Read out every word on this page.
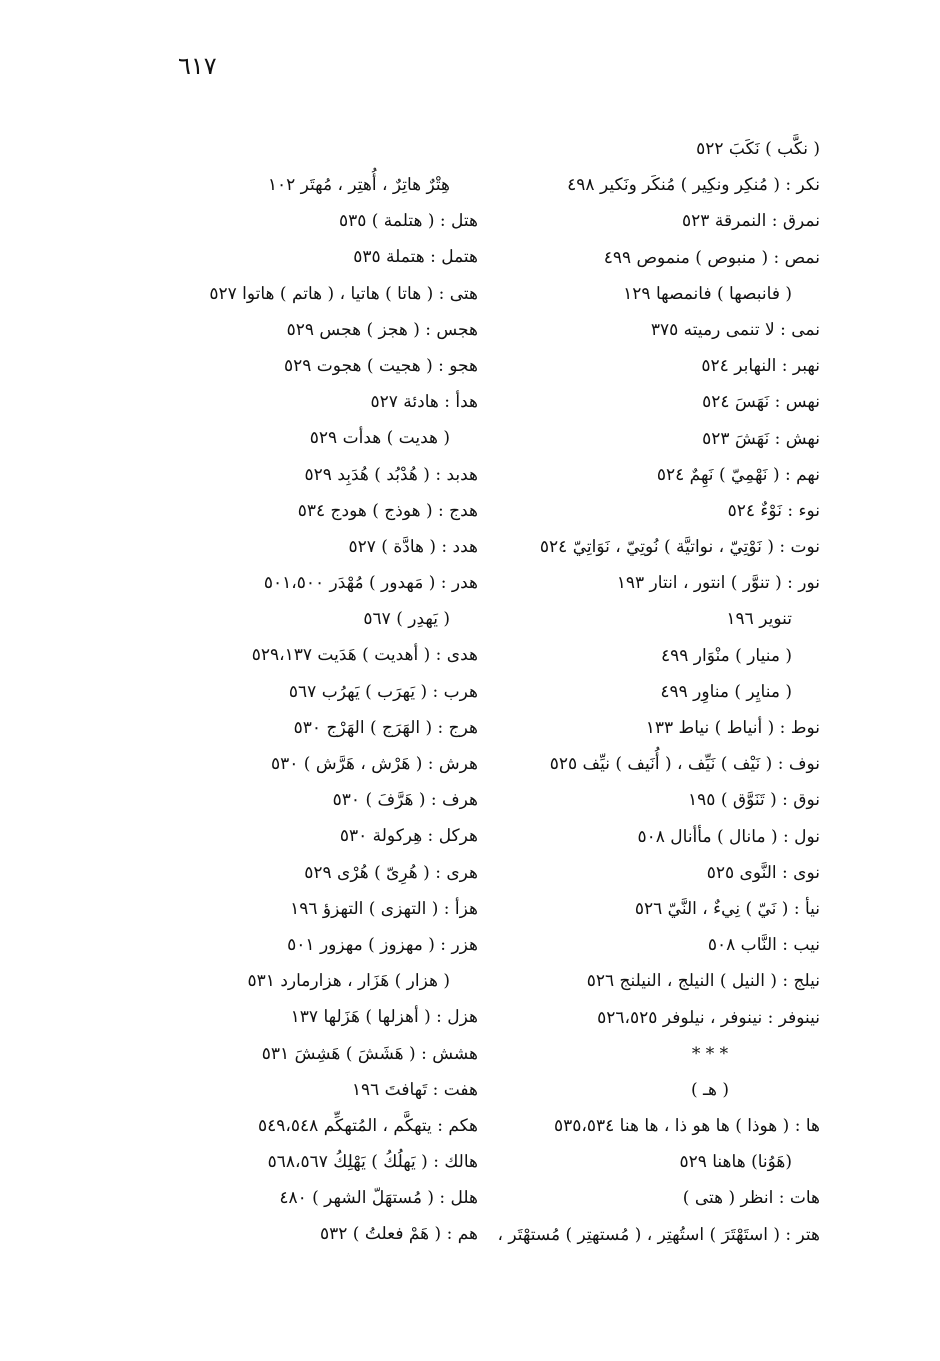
٦١٧
( نكَّب ) نَكَبَ ٥٢٢
نكر : ( مُنكِر ونكِير ) مُنكَر ونَكير ٤٩٨
نمرق : النمرقة ٥٢٣
نمص : ( منبوص ) منموص ٤٩٩
( فانبصها ) فانمصها ١٢٩
نمى : لا تنمى رميته ٣٧٥
نهبر : النهابر ٥٢٤
نهس : نَهَسَ ٥٢٤
نهش : نَهَشَ ٥٢٣
نهم : ( نَهْمِيّ ) نَهِمٌ ٥٢٤
نوء : نَوْءٌ ٥٢٤
نوت : ( نَوْتِيّ ، نواتيَّة ) نُوتِيّ ، نَوَاتِيّ ٥٢٤
نور : ( تنوَّر ) انتور ، انتار ١٩٣
تنوير ١٩٦
( منيار ) منْوَار ٤٩٩
( منايِر ) مناوِر ٤٩٩
نوط : ( أنياط ) نياط ١٣٣
نوف : ( نَيْف ) نَيِّف ، ( أُنَيف ) نيِّف ٥٢٥
نوق : ( تَنَوَّق ) ١٩٥
نول : ( مانال ) مأأنال ٥٠٨
نوى : النَّوى ٥٢٥
نيأ : ( نَيّ ) نِيءٌ ، النَّيّ ٥٢٦
نيب : النَّاب ٥٠٨
نيلج : ( النيل ) النيلج ، النيلنج ٥٢٦
نينوفر : نينوفر ، نيلوفر ٥٢٦،٥٢٥
* * *
( هـ )
ها : ( هوذا ) ها هو ذا ، ها هنا ٥٣٥،٥٣٤
(هَوُنا) هاهنا ٥٢٩
هات : انظر ( هتى )
هتر : ( استَهْتَرَ ) استُهتِر ، ( مُستهتِر ) مُستهْتَر ،
هِتْرٌ هاتِرٌ ، أُهتِر ، مُهتَر ١٠٢
هتل : ( هتلمة ) ٥٣٥
هتمل : هتملة ٥٣٥
هتى : ( هاتا ) هاتيا ، ( هاتم ) هاتوا ٥٢٧
هجس : ( هجز ) هجس ٥٢٩
هجو : ( هجيت ) هجوت ٥٢٩
هدأ : هادئة ٥٢٧
( هديت ) هدأت ٥٢٩
هدبد : ( هُدْبُد ) هُدَبِد ٥٢٩
هدج : ( هوذج ) هودج ٥٣٤
هدد : ( هادَّة ) ٥٢٧
هدر : ( مَهدور ) مُهْدَر ٥٠١،٥٠٠
( يَهدِر ) ٥٦٧
هدى : ( أهديت ) هَدَيت ٥٢٩،١٣٧
هرب : ( يَهرَب ) يَهرُب ٥٦٧
هرج : ( الهَرَج ) الهَرْج ٥٣٠
هرش : ( هَرْش ، هَرَّش ) ٥٣٠
هرف : ( هَرَّفَ ) ٥٣٠
هركل : هِركولة ٥٣٠
هرى : ( هُرِىّ ) هُرْى ٥٢٩
هزأ : ( التهزى ) التهزؤ ١٩٦
هزر : ( مهزوز ) مهزور ٥٠١
( هزار ) هَزَار ، هزارمارد ٥٣١
هزل : ( أهزلها ) هَزَلها ١٣٧
هشش : ( هَشَشَ ) هَشِشَ ٥٣١
هفت : تَهافتَ ١٩٦
هكم : يتهكَّم ، المُتهكِّم ٥٤٩،٥٤٨
هالك : ( يَهلُكُ ) يَهْلِكُ ٥٦٨،٥٦٧
هلل : ( مُستهَلّ الشهر ) ٤٨٠
هم : ( هَمْ فعلتُ ) ٥٣٢
